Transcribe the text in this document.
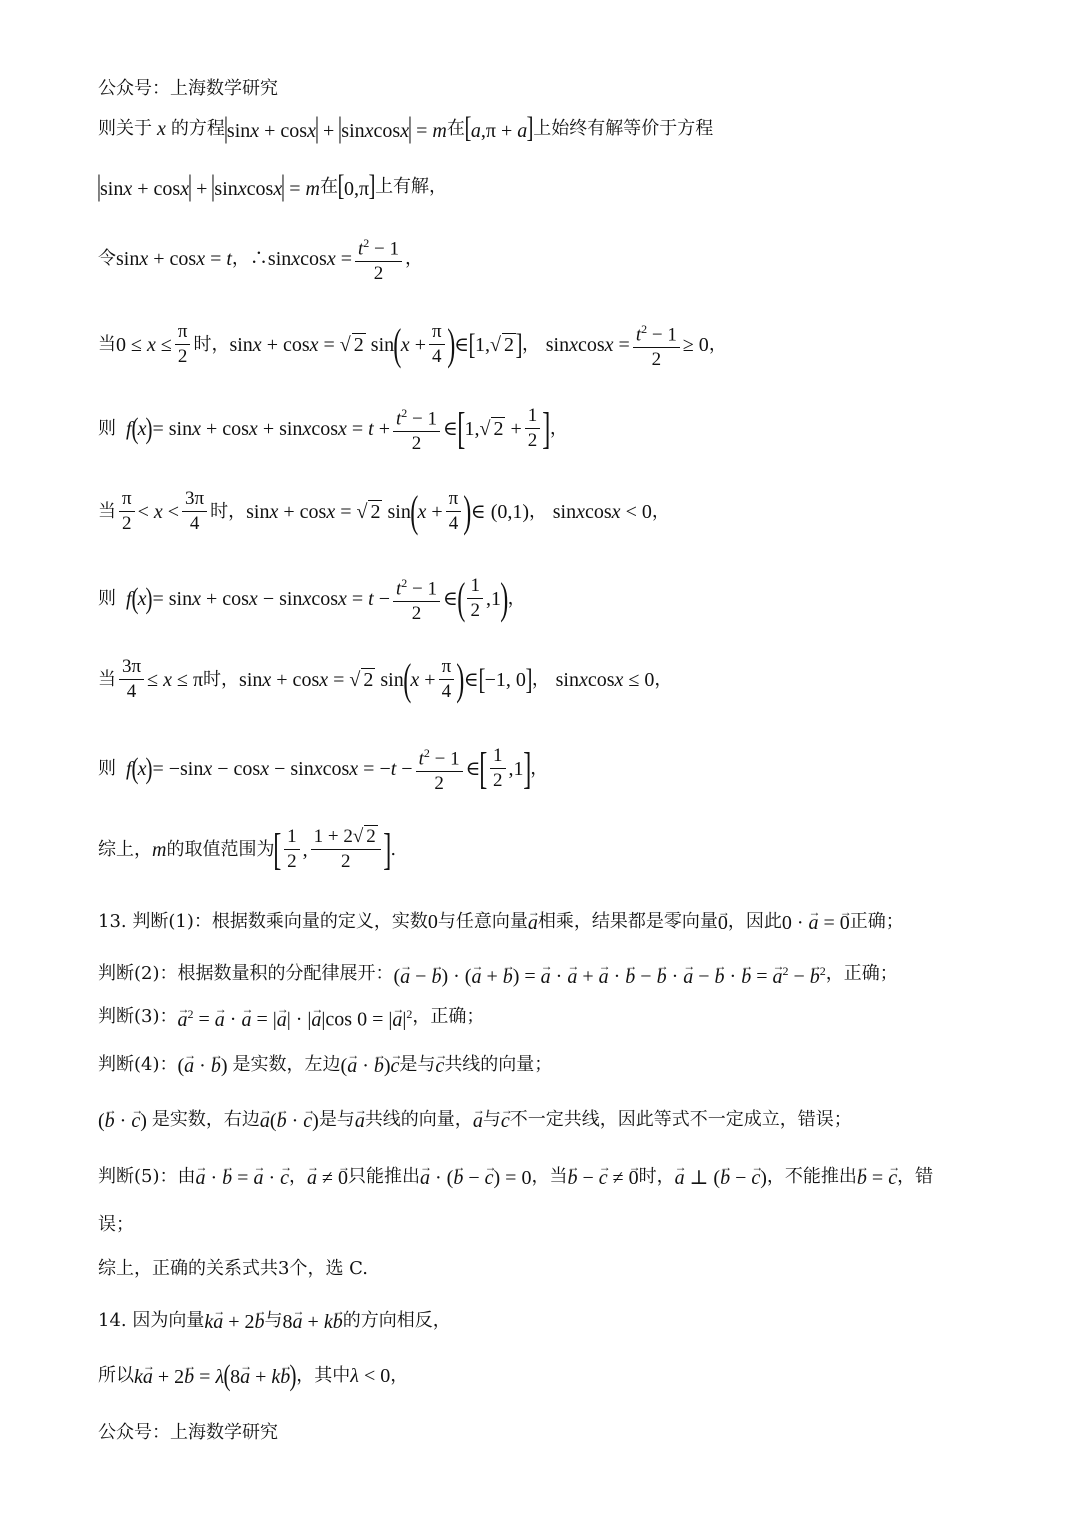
公众号：上海数学研究
则关于 x 的方程
|sinx + cosx| + |sinxcosx| = m 在 [a,π + a] 上始终有解等价于方程
|sinx + cosx| + |sinxcosx| = m 在 [0,π] 上有解，
令 sinx + cosx = t ，∴ sinxcosx = $\frac{t^2 - 1}{2}$ ，
当 $0 \le x \le \frac{\pi}{2}$ 时， sinx + cosx = √ 2 sin ( $x + \frac{\pi}{4}$ ) ∈ [ 1,√ 2 ] ， sinxcosx = $\frac{t^2 - 1}{2} \ge 0$ ，
则 f ( x ) = sinx + cosx + sinxcosx = $t + \frac{t^2 - 1}{2}$ ∈ [ 1,√ $2 + \frac{1}{2}$ ] ，
当 $\frac{\pi}{2} < x < \frac{3\pi}{4}$ 时， sinx + cosx = √ 2 sin ( $x + \frac{\pi}{4}$ ) ∈ (0,1) ， sinxcosx < 0 ，
则 f ( x ) = sinx + cosx − sinxcosx = $t - \frac{t^2 - 1}{2}$ ∈ ( $\frac{1}{2} ,1$ ) ，
当 $\frac{3\pi}{4} \le x \le \pi$ 时， sinx + cosx = √ 2 sin ( $x + \frac{\pi}{4}$ ) ∈ [ −1, 0 ] ， sinxcosx ≤ 0 ，
则 f ( x ) = −sinx − cosx − sinxcosx = $-t - \frac{t^2 - 1}{2}$ ∈ [ $\frac{1}{2} ,1$ ] ，
综上， m 的取值范围为 [ $\frac{1}{2}$ , $\frac{1 + 2√ 2}{2}$ ] .
13. 判断(1)：根据数乘向量的定义，实数 0 与任意向量 → a 相乘，结果都是零向量 → 0 ，因此 0 · → a = → 0 正确；
判断(2)：根据数量积的分配律展开： (→ a − → b) · (→ a + → b) = → a · → a + → a · → b − → b · → a − → b · → b = → $a^2$ − → $b^2$ ，正确；
判断(3)： → $a^2$ = → a · → a = |→ a| · |→ a|cos 0 = |→ $a|^2$ ，正确；
判断(4)： (→ a · → b) 是实数，左边 (→ a · → b)→ c 是与 → c 共线的向量；
(→ b · → c) 是实数，右边 → a(→ b · → c) 是与 → a 共线的向量， → a 与 → c 不一定共线，因此等式不一定成立，错误；
判断(5)：由 → a · → b = → a · → c ， → a ≠ → 0 只能推出 → a · (→ b − → c) = 0 ，当 → b − → c ≠ → 0 时， → a ⊥ (→ b − → c) ，不能推出 → b = → c ，错
误；
综上，正确的关系式共3个，选 C.
14. 因为向量 k→ a + 2→ b 与 8→ a + k→ b 的方向相反，
所以 k→ a + 2→ b = λ ( 8→ a + k→ b ) ，其中 λ < 0 ，
公众号：上海数学研究
